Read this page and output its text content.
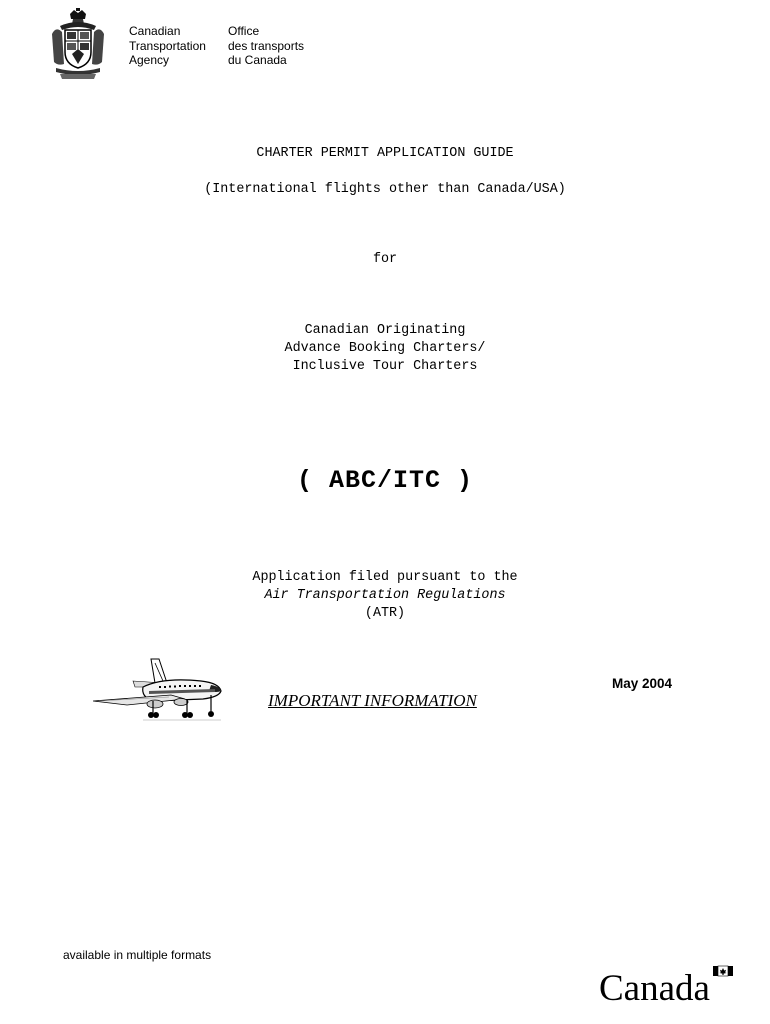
Canadian
Transportation
Agency
Office
des transports
du Canada
CHARTER PERMIT APPLICATION GUIDE
(International flights other than Canada/USA)
for
Canadian Originating
Advance Booking Charters/
Inclusive Tour Charters
( ABC/ITC )
Application filed pursuant to the
Air Transportation Regulations
(ATR)
IMPORTANT INFORMATION
May 2004
available in multiple formats
Canada
